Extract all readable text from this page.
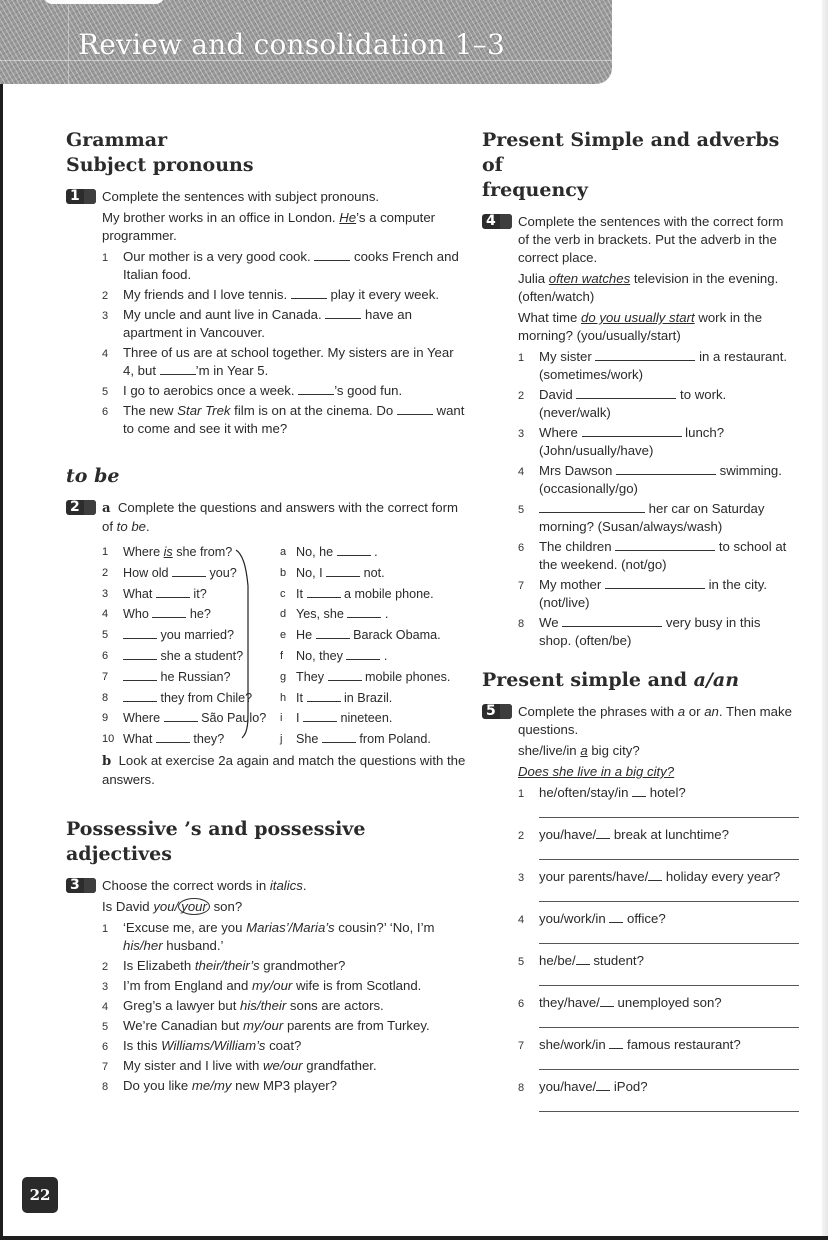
Review and consolidation 1–3
Grammar
Subject pronouns
1	Complete the sentences with subject pronouns.
My brother works in an office in London. He’s a computer programmer.
1 Our mother is a very good cook.	cooks French and Italian food.
2 My friends and I love tennis.	play it every week.
3 My uncle and aunt live in Canada.	have an apartment in Vancouver.
4 Three of us are at school together. My sisters are in Year 4, but	’m in Year 5.
5 I go to aerobics once a week.	’s good fun.
6 The new Star Trek film is on at the cinema. Do	want to come and see it with me?
to be
2	a Complete the questions and answers with the correct form of to be.
1 Where is she from?
2 How old	you?
3 What	it?
4 Who	he?
5	you married?
6	she a student?
7	he Russian?
8	they from Chile?
9 Where	São Paulo?
10 What	they?
a No, he	.
b No, I	not.
c It	a mobile phone.
d Yes, she	.
e He	Barack Obama.
f No, they	.
g They	mobile phones.
h It	in Brazil.
i I	nineteen.
j She	from Poland.
b Look at exercise 2a again and match the questions with the answers.
Possessive ’s and possessive
adjectives
3	Choose the correct words in italics.
Is David you/ your son?
1 ‘Excuse me, are you Marias’/Maria’s cousin?’ ‘No, I’m his/her husband.’
2 Is Elizabeth their/their’s grandmother?
3 I’m from England and my/our wife is from Scotland.
4 Greg’s a lawyer but his/their sons are actors.
5 We’re Canadian but my/our parents are from Turkey.
6 Is this Williams/William’s coat?
7 My sister and I live with we/our grandfather.
8 Do you like me/my new MP3 player?
Present Simple and adverbs of
frequency
4	Complete the sentences with the correct form of the verb in brackets. Put the adverb in the correct place.
Julia often watches television in the evening. (often/watch)
What time do you usually start work in the morning? (you/usually/start)
1 My sister	in a restaurant. (sometimes/work)
2 David	to work. (never/walk)
3 Where	lunch? (John/usually/have)
4 Mrs Dawson	swimming. (occasionally/go)
5	her car on Saturday morning? (Susan/always/wash)
6 The children	to school at the weekend. (not/go)
7 My mother	in the city. (not/live)
8 We	very busy in this shop. (often/be)
Present simple and a/an
5	Complete the phrases with a or an. Then make questions.
she/live/in a big city?
Does she live in a big city?
1 he/often/stay/in  hotel?
2 you/have/ break at lunchtime?
3 your parents/have/ holiday every year?
4 you/work/in  office?
5 he/be/ student?
6 they/have/ unemployed son?
7 she/work/in  famous restaurant?
8 you/have/ iPod?
22
